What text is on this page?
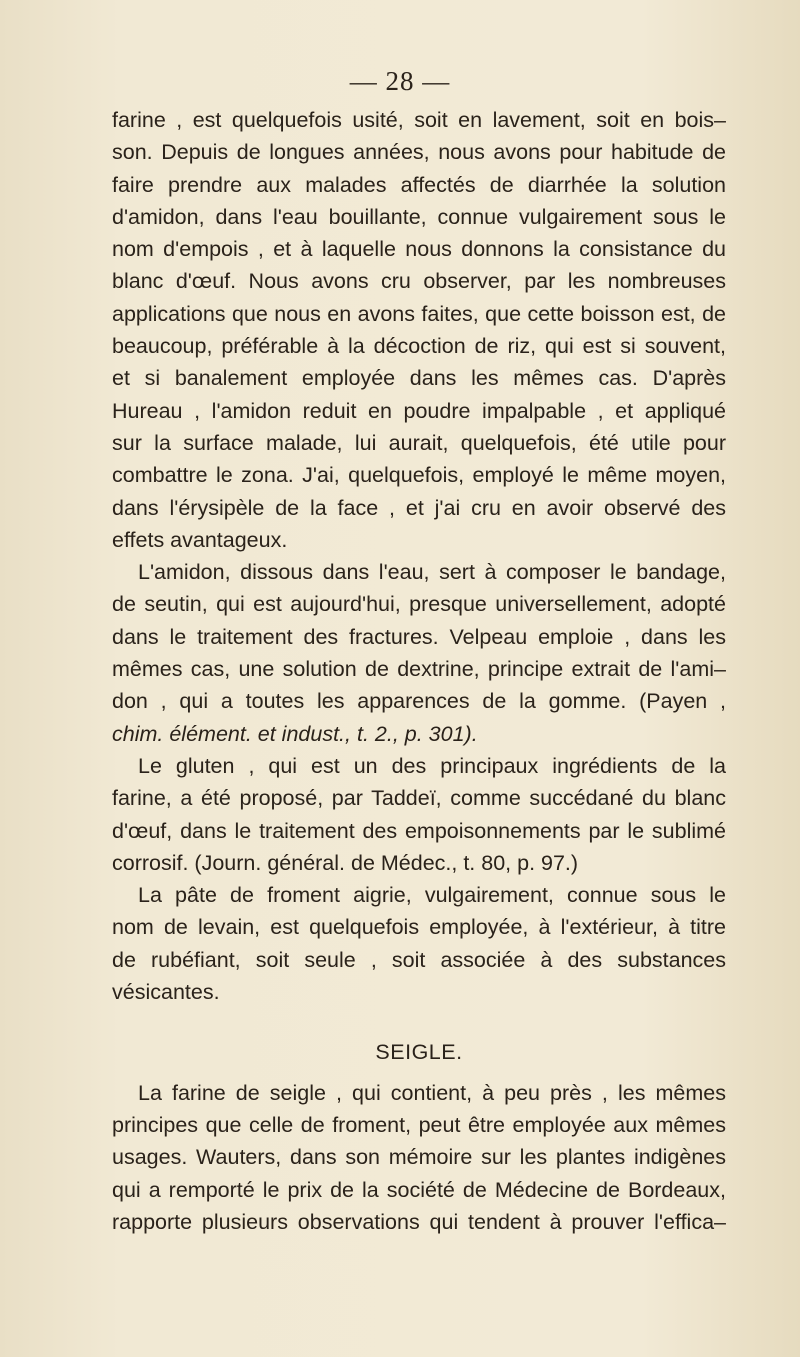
— 28 —
farine , est quelquefois usité, soit en lavement, soit en bois–
son. Depuis de longues années, nous avons pour habitude de
faire prendre aux malades affectés de diarrhée la solution
d'amidon, dans l'eau bouillante, connue vulgairement sous le
nom d'empois , et à laquelle nous donnons la consistance du
blanc d'œuf. Nous avons cru observer, par les nombreuses
applications que nous en avons faites, que cette boisson est, de
beaucoup, préférable à la décoction de riz, qui est si souvent,
et si banalement employée dans les mêmes cas. D'après
Hureau , l'amidon reduit en poudre impalpable , et appliqué
sur la surface malade, lui aurait, quelquefois, été utile pour
combattre le zona. J'ai, quelquefois, employé le même moyen,
dans l'érysipèle de la face , et j'ai cru en avoir observé des
effets avantageux.
L'amidon, dissous dans l'eau, sert à composer le bandage,
de seutin, qui est aujourd'hui, presque universellement, adopté
dans le traitement des fractures. Velpeau emploie , dans les
mêmes cas, une solution de dextrine, principe extrait de l'ami–
don , qui a toutes les apparences de la gomme. (Payen ,
chim. élément. et indust., t. 2., p. 301).
Le gluten , qui est un des principaux ingrédients de la
farine, a été proposé, par Taddeï, comme succédané du blanc
d'œuf, dans le traitement des empoisonnements par le sublimé
corrosif. (Journ. général. de Médec., t. 80, p. 97.)
La pâte de froment aigrie, vulgairement, connue sous le
nom de levain, est quelquefois employée, à l'extérieur, à titre
de rubéfiant, soit seule , soit associée à des substances
vésicantes.
SEIGLE.
La farine de seigle , qui contient, à peu près , les mêmes
principes que celle de froment, peut être employée aux mêmes
usages. Wauters, dans son mémoire sur les plantes indigènes
qui a remporté le prix de la société de Médecine de Bordeaux,
rapporte plusieurs observations qui tendent à prouver l'effica–
